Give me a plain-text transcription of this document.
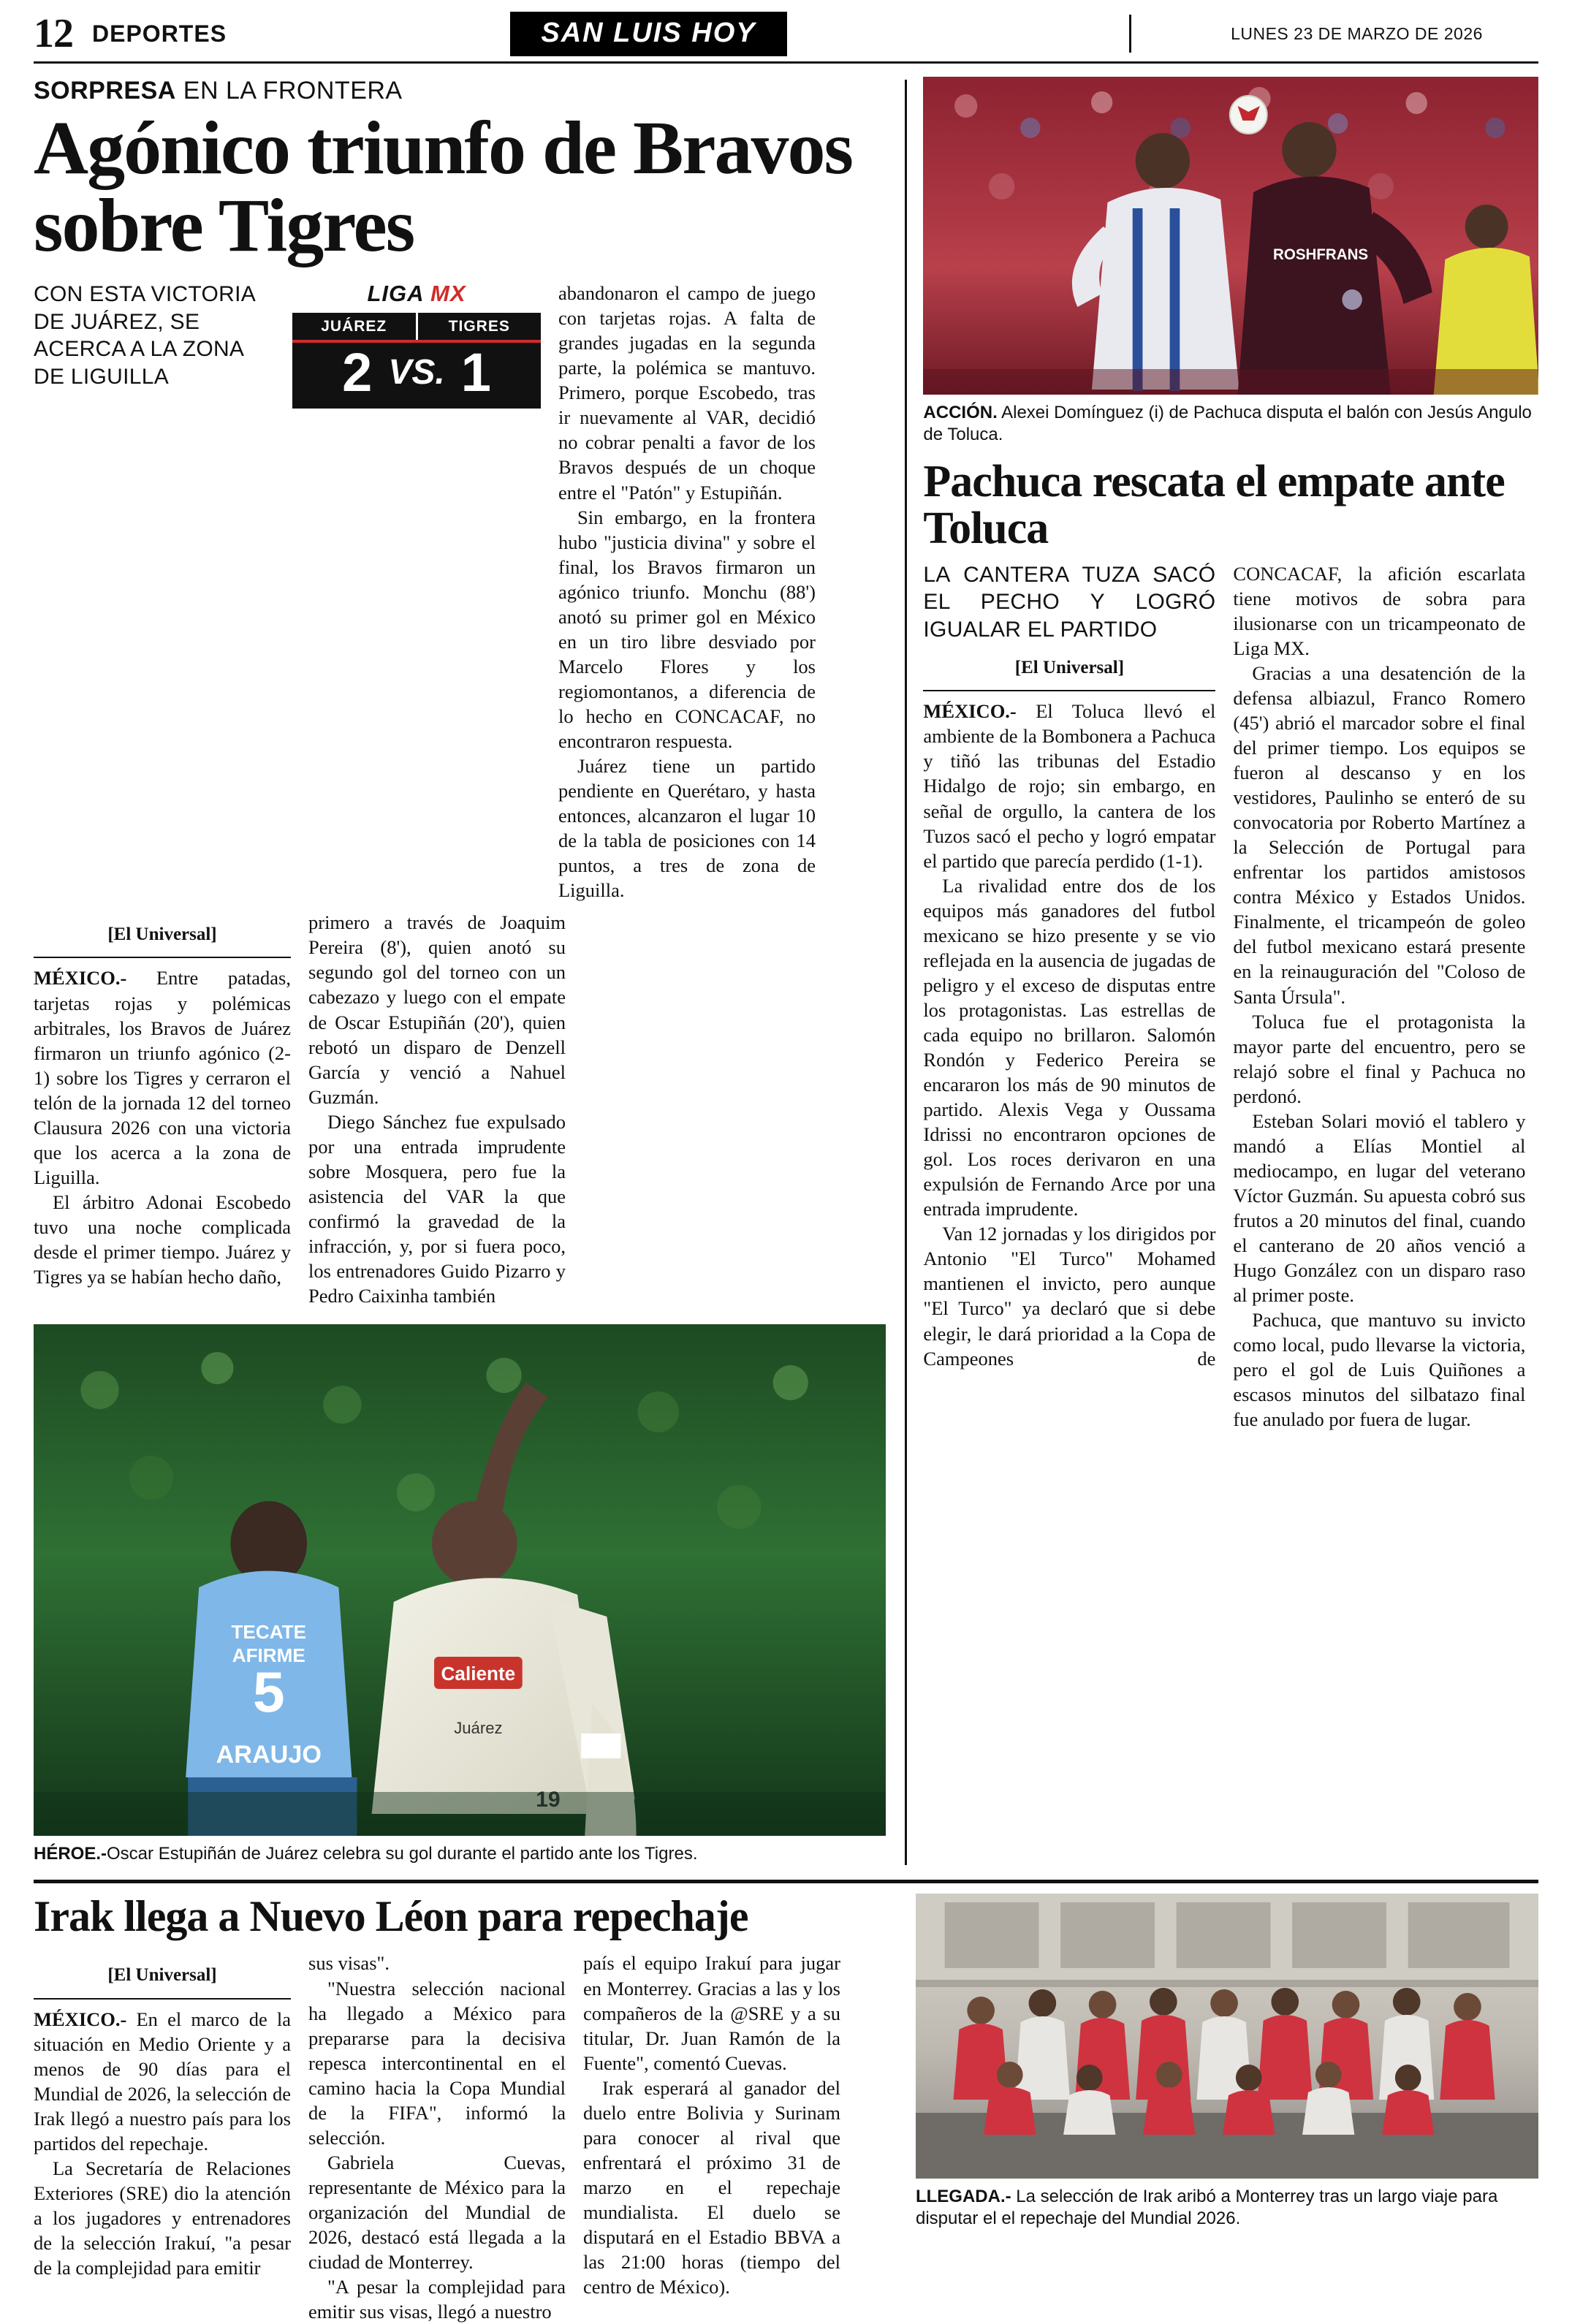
12 DEPORTES	SAN LUIS HOY	LUNES 23 DE MARZO DE 2026
SORPRESA EN LA FRONTERA
Agónico triunfo de Bravos sobre Tigres
CON ESTA VICTORIA DE JUÁREZ, SE ACERCA A LA ZONA DE LIGUILLA
LIGA MX
JUÁREZ	TIGRES
2 VS. 1

abandonaron el campo de juego con tarjetas rojas. A falta de grandes jugadas en la segunda parte, la polémica se mantuvo. Primero, porque Escobedo, tras ir nuevamente al VAR, decidió no cobrar penalti a favor de los Bravos después de un choque entre el "Patón" y Estupiñán.

Sin embargo, en la frontera hubo "justicia divina" y sobre el final, los Bravos firmaron un agónico triunfo. Monchu (88') anotó su primer gol en México en un tiro libre desviado por Marcelo Flores y los regiomontanos, a diferencia de lo hecho en CONCACAF, no encontraron respuesta.

Juárez tiene un partido pendiente en Querétaro, y hasta entonces, alcanzaron el lugar 10 de la tabla de posiciones con 14 puntos, a tres de zona de Liguilla.

[El Universal]

MÉXICO.- Entre patadas, tarjetas rojas y polémicas arbitrales, los Bravos de Juárez firmaron un triunfo agónico (2-1) sobre los Tigres y cerraron el telón de la jornada 12 del torneo Clausura 2026 con una victoria que los acerca a la zona de Liguilla.

El árbitro Adonai Escobedo tuvo una noche complicada desde el primer tiempo. Juárez y Tigres ya se habían hecho daño,

primero a través de Joaquim Pereira (8'), quien anotó su segundo gol del torneo con un cabezazo y luego con el empate de Oscar Estupiñán (20'), quien rebotó un disparo de Denzell García y venció a Nahuel Guzmán.

Diego Sánchez fue expulsado por una entrada imprudente sobre Mosquera, pero fue la asistencia del VAR la que confirmó la gravedad de la infracción, y, por si fuera poco, los entrenadores Guido Pizarro y Pedro Caixinha también

5
TECATE
AFIRME
ARAUJO
Caliente
Juárez
19
HÉROE.-Oscar Estupiñán de Juárez celebra su gol durante el partido ante los Tigres.
ROSHFRANS
ACCIÓN. Alexei Domínguez (i) de Pachuca disputa el balón con Jesús Angulo de Toluca.
Pachuca rescata el empate ante Toluca
LA CANTERA TUZA SACÓ EL PECHO Y LOGRÓ IGUALAR EL PARTIDO
[El Universal]

MÉXICO.- El Toluca llevó el ambiente de la Bombonera a Pachuca y tiñó las tribunas del Estadio Hidalgo de rojo; sin embargo, en señal de orgullo, la cantera de los Tuzos sacó el pecho y logró empatar el partido que parecía perdido (1-1).

La rivalidad entre dos de los equipos más ganadores del futbol mexicano se hizo presente y se vio reflejada en la ausencia de jugadas de peligro y el exceso de disputas entre los protagonistas. Las estrellas de cada equipo no brillaron. Salomón Rondón y Federico Pereira se encararon los más de 90 minutos de partido. Alexis Vega y Oussama Idrissi no encontraron opciones de gol. Los roces derivaron en una expulsión de Fernando Arce por una entrada imprudente.

Van 12 jornadas y los dirigidos por Antonio "El Turco" Mohamed mantienen el invicto, pero aunque "El Turco" ya declaró que si debe elegir, le dará prioridad a la Copa de Campeones de

CONCACAF, la afición escarlata tiene motivos de sobra para ilusionarse con un tricampeonato de Liga MX.

Gracias a una desatención de la defensa albiazul, Franco Romero (45') abrió el marcador sobre el final del primer tiempo. Los equipos se fueron al descanso y en los vestidores, Paulinho se enteró de su convocatoria por Roberto Martínez a la Selección de Portugal para enfrentar los partidos amistosos contra México y Estados Unidos. Finalmente, el tricampeón de goleo del futbol mexicano estará presente en la reinauguración del "Coloso de Santa Úrsula".

Toluca fue el protagonista la mayor parte del encuentro, pero se relajó sobre el final y Pachuca no perdonó.

Esteban Solari movió el tablero y mandó a Elías Montiel al mediocampo, en lugar del veterano Víctor Guzmán. Su apuesta cobró sus frutos a 20 minutos del final, cuando el canterano de 20 años venció a Hugo González con un disparo raso al primer poste.

Pachuca, que mantuvo su invicto como local, pudo llevarse la victoria, pero el gol de Luis Quiñones a escasos minutos del silbatazo final fue anulado por fuera de lugar.

Irak llega a Nuevo Léon para repechaje
[El Universal]

MÉXICO.- En el marco de la situación en Medio Oriente y a menos de 90 días para el Mundial de 2026, la selección de Irak llegó a nuestro país para los partidos del repechaje.

La Secretaría de Relaciones Exteriores (SRE) dio la atención a los jugadores y entrenadores de la selección Irakuí, "a pesar de la complejidad para emitir

sus visas".

"Nuestra selección nacional ha llegado a México para prepararse para la decisiva repesca intercontinental en el camino hacia la Copa Mundial de la FIFA", informó la selección.

Gabriela Cuevas, representante de México para la organización del Mundial de 2026, destacó está llegada a la ciudad de Monterrey.

"A pesar la complejidad para emitir sus visas, llegó a nuestro

país el equipo Irakuí para jugar en Monterrey. Gracias a las y los compañeros de la @SRE y a su titular, Dr. Juan Ramón de la Fuente", comentó Cuevas.

Irak esperará al ganador del duelo entre Bolivia y Surinam para conocer al rival que enfrentará el próximo 31 de marzo en el repechaje mundialista. El duelo se disputará en el Estadio BBVA a las 21:00 horas (tiempo del centro de México).

LLEGADA.- La selección de Irak aribó a Monterrey tras un largo viaje para disputar el el repechaje del Mundial 2026.
